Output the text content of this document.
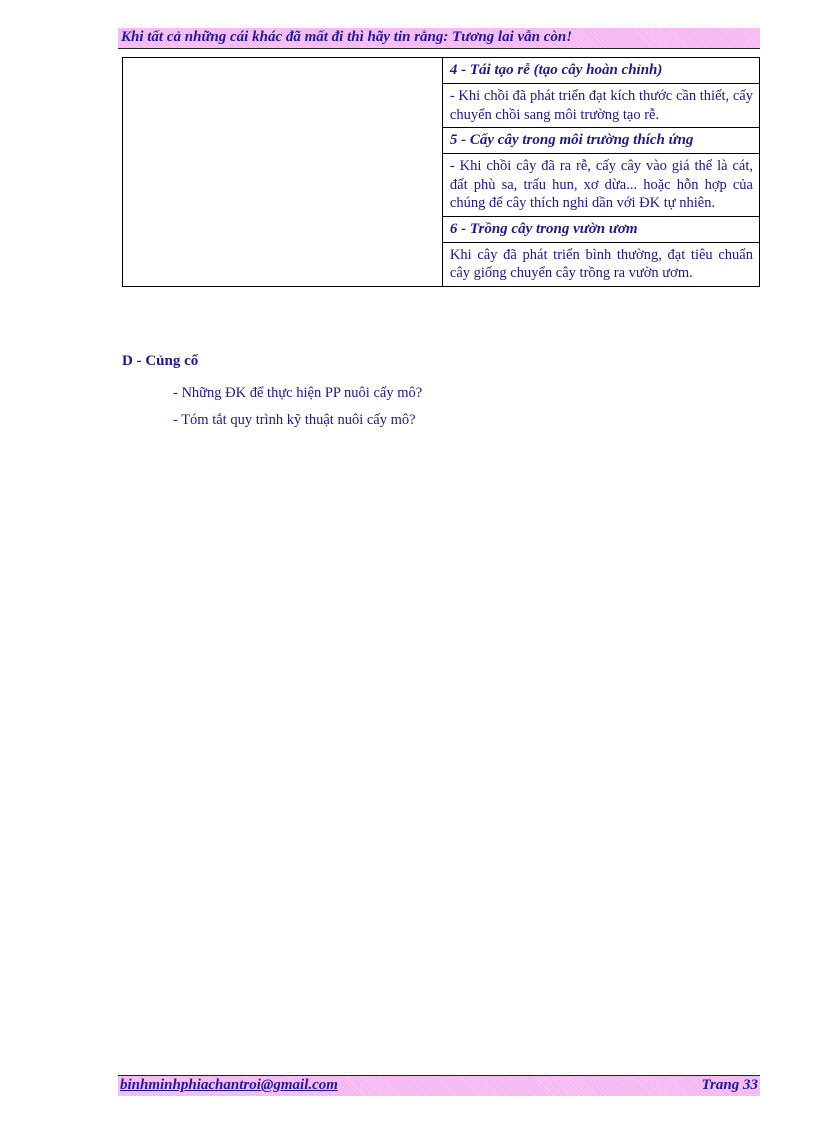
Khi tất cả những cái khác đã mất đi thì hãy tin rằng: Tương lai vẫn còn!

4 - Tái tạo rễ (tạo cây hoàn chỉnh)
- Khi chồi đã phát triển đạt kích thước cần thiết, cấy chuyển chồi sang môi trường tạo rễ.
5 - Cấy cây trong môi trường thích ứng
- Khi chồi cây đã ra rễ, cấy cây vào giá thể là cát, đất phù sa, trấu hun, xơ dừa... hoặc hỗn hợp của chúng để cây thích nghi dần với ĐK tự nhiên.
6 - Trồng cây trong vườn ươm
Khi cây đã phát triển bình thường, đạt tiêu chuẩn cây giống chuyển cây trồng ra vườn ươm.
D - Củng cố
- Những ĐK để thực hiện PP nuôi cấy mô?
- Tóm tắt quy trình kỹ thuật nuôi cấy mô?
binhminhphiachantroi@gmail.com	Trang 33
